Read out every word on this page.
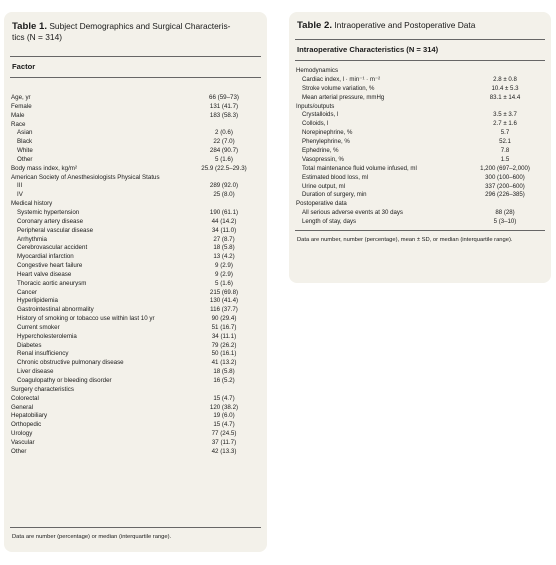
Table 1. Subject Demographics and Surgical Characteris-
tics (N = 314)
Factor
Age, yr	66 (59–73)
Female	131 (41.7)
Male	183 (58.3)
Race
Asian	2 (0.6)
Black	22 (7.0)
White	284 (90.7)
Other	5 (1.6)
Body mass index, kg/m²	25.9 (22.5–29.3)
American Society of Anesthesiologists Physical Status
III	289 (92.0)
IV	25 (8.0)
Medical history
Systemic hypertension	190 (61.1)
Coronary artery disease	44 (14.2)
Peripheral vascular disease	34 (11.0)
Arrhythmia	27 (8.7)
Cerebrovascular accident	18 (5.8)
Myocardial infarction	13 (4.2)
Congestive heart failure	9 (2.9)
Heart valve disease	9 (2.9)
Thoracic aortic aneurysm	5 (1.6)
Cancer	215 (69.8)
Hyperlipidemia	130 (41.4)
Gastrointestinal abnormality	116 (37.7)
History of smoking or tobacco use within last 10 yr	90 (29.4)
Current smoker	51 (16.7)
Hypercholesterolemia	34 (11.1)
Diabetes	79 (26.2)
Renal insufficiency	50 (16.1)
Chronic obstructive pulmonary disease	41 (13.2)
Liver disease	18 (5.8)
Coagulopathy or bleeding disorder	16 (5.2)
Surgery characteristics
Colorectal	15 (4.7)
General	120 (38.2)
Hepatobiliary	19 (6.0)
Orthopedic	15 (4.7)
Urology	77 (24.5)
Vascular	37 (11.7)
Other	42 (13.3)
Data are number (percentage) or median (interquartile range).
Table 2. Intraoperative and Postoperative Data
Intraoperative Characteristics (N = 314)
Hemodynamics
Cardiac index, l · min⁻¹ · m⁻²	2.8 ± 0.8
Stroke volume variation, %	10.4 ± 5.3
Mean arterial pressure, mmHg	83.1 ± 14.4
Inputs/outputs
Crystalloids, l	3.5 ± 3.7
Colloids, l	2.7 ± 1.6
Norepinephrine, %	5.7
Phenylephrine, %	52.1
Ephedrine, %	7.8
Vasopressin, %	1.5
Total maintenance fluid volume infused, ml	1,200 (697–2,000)
Estimated blood loss, ml	300 (100–600)
Urine output, ml	337 (200–600)
Duration of surgery, min	296 (226–385)
Postoperative data
All serious adverse events at 30 days	88 (28)
Length of stay, days	5 (3–10)
Data are number, number (percentage), mean ± SD, or median (interquartile range).
